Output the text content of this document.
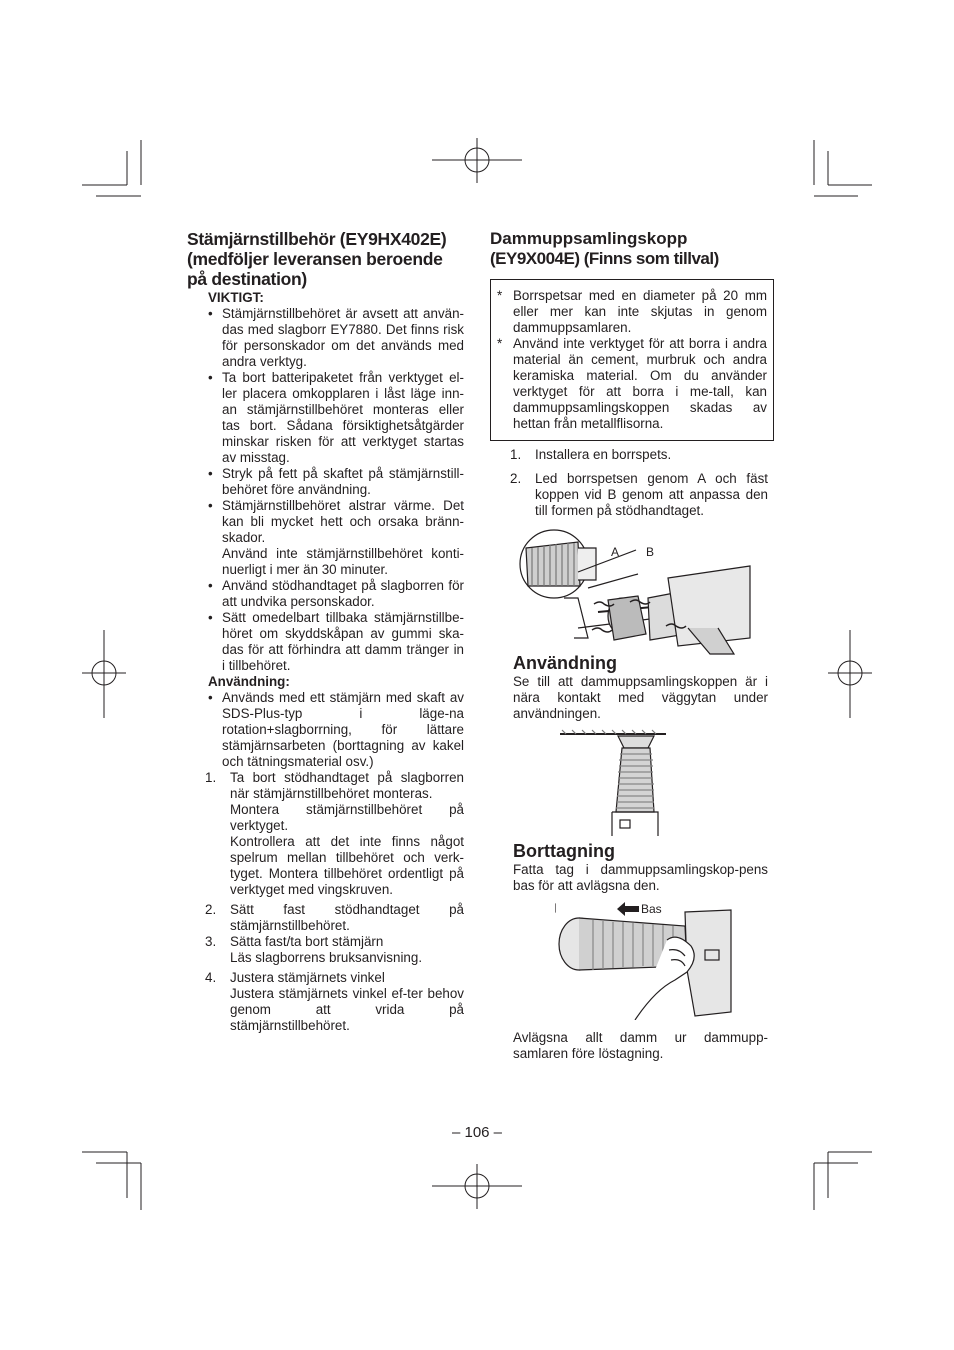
Stämjärnstillbehör (EY9HX402E)
(medföljer leveransen beroende
på destination)
VIKTIGT:
• Stämjärnstillbehöret är avsett att använ-das med slagborr EY7880. Det finns risk för personskador om det används med andra verktyg.
• Ta bort batteripaketet från verktyget el-ler placera omkopplaren i låst läge inn-an stämjärnstillbehöret monteras eller tas bort. Sådana försiktighetsåtgärder minskar risken för att verktyget startas av misstag.
• Stryk på fett på skaftet på stämjärnstill-behöret före användning.
• Stämjärnstillbehöret alstrar värme. Det kan bli mycket hett och orsaka bränn-skador.
Använd inte stämjärnstillbehöret konti-nuerligt i mer än 30 minuter.
• Använd stödhandtaget på slagborren för att undvika personskador.
• Sätt omedelbart tillbaka stämjärnstillbe-höret om skyddskåpan av gummi ska-das för att förhindra att damm tränger in i tillbehöret.
Användning:
• Används med ett stämjärn med skaft av SDS-Plus-typ i läge-na rotation+slagborrning, för lättare stämjärnsarbeten (borttagning av kakel och tätningsmaterial osv.)
1. Ta bort stödhandtaget på slagborren när stämjärnstillbehöret monteras.
Montera stämjärnstillbehöret på verktyget.
Kontrollera att det inte finns något spelrum mellan tillbehöret och verk-tyget. Montera tillbehöret ordentligt på verktyget med vingskruven.
2. Sätt fast stödhandtaget på stämjärnstillbehöret.
3. Sätta fast/ta bort stämjärn
Läs slagborrens bruksanvisning.
4. Justera stämjärnets vinkel
Justera stämjärnets vinkel ef-ter behov genom att vrida på stämjärnstillbehöret.
Dammuppsamlingskopp
(EY9X004E) (Finns som tillval)
* Borrspetsar med en diameter på 20 mm eller mer kan inte skjutas in genom dammuppsamlaren.
* Använd inte verktyget för att borra i andra material än cement, murbruk och andra keramiska material. Om du använder verktyget för att borra i me-tall, kan dammuppsamlingskoppen skadas av hettan från metallflisorna.
1. Installera en borrspets.
2. Led borrspetsen genom A och fäst koppen vid B genom att anpassa den till formen på stödhandtaget.
A B
Användning
Se till att dammuppsamlingskoppen är i nära kontakt med väggytan under användningen.
Borttagning
Fatta tag i dammuppsamlingskop-pens bas för att avlägsna den.
Bas
Avlägsna allt damm ur dammupp-samlaren före löstagning.
– 106 –
